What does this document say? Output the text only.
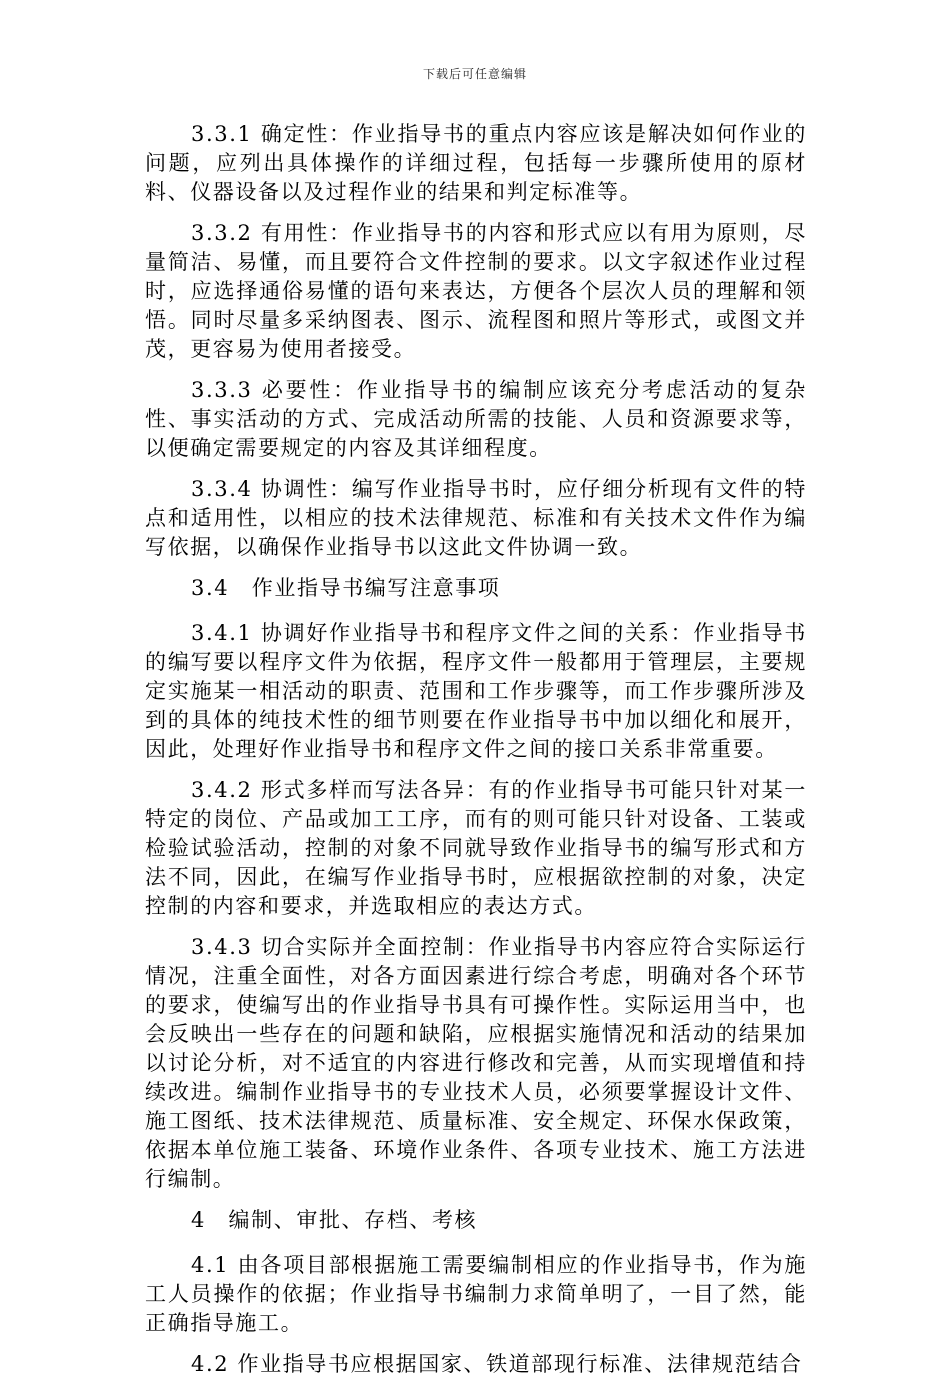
下载后可任意编辑

3.3.1 确定性：作业指导书的重点内容应该是解决如何作业的问题，应列出具体操作的详细过程，包括每一步骤所使用的原材料、仪器设备以及过程作业的结果和判定标准等。

3.3.2 有用性：作业指导书的内容和形式应以有用为原则，尽量简洁、易懂，而且要符合文件控制的要求。以文字叙述作业过程时，应选择通俗易懂的语句来表达，方便各个层次人员的理解和领悟。同时尽量多采纳图表、图示、流程图和照片等形式，或图文并茂，更容易为使用者接受。

3.3.3 必要性：作业指导书的编制应该充分考虑活动的复杂性、事实活动的方式、完成活动所需的技能、人员和资源要求等，以便确定需要规定的内容及其详细程度。

3.3.4 协调性：编写作业指导书时，应仔细分析现有文件的特点和适用性，以相应的技术法律规范、标准和有关技术文件作为编写依据，以确保作业指导书以这此文件协调一致。

3.4　作业指导书编写注意事项

3.4.1 协调好作业指导书和程序文件之间的关系：作业指导书的编写要以程序文件为依据，程序文件一般都用于管理层，主要规定实施某一相活动的职责、范围和工作步骤等，而工作步骤所涉及到的具体的纯技术性的细节则要在作业指导书中加以细化和展开，因此，处理好作业指导书和程序文件之间的接口关系非常重要。

3.4.2 形式多样而写法各异：有的作业指导书可能只针对某一特定的岗位、产品或加工工序，而有的则可能只针对设备、工装或检验试验活动，控制的对象不同就导致作业指导书的编写形式和方法不同，因此，在编写作业指导书时，应根据欲控制的对象，决定控制的内容和要求，并选取相应的表达方式。

3.4.3 切合实际并全面控制：作业指导书内容应符合实际运行情况，注重全面性，对各方面因素进行综合考虑，明确对各个环节的要求，使编写出的作业指导书具有可操作性。实际运用当中，也会反映出一些存在的问题和缺陷，应根据实施情况和活动的结果加以讨论分析，对不适宜的内容进行修改和完善，从而实现增值和持续改进。编制作业指导书的专业技术人员，必须要掌握设计文件、施工图纸、技术法律规范、质量标准、安全规定、环保水保政策，依据本单位施工装备、环境作业条件、各项专业技术、施工方法进行编制。

4　编制、审批、存档、考核

4.1 由各项目部根据施工需要编制相应的作业指导书，作为施工人员操作的依据；作业指导书编制力求简单明了，一目了然，能正确指导施工。

4.2 作业指导书应根据国家、铁道部现行标准、法律规范结合
